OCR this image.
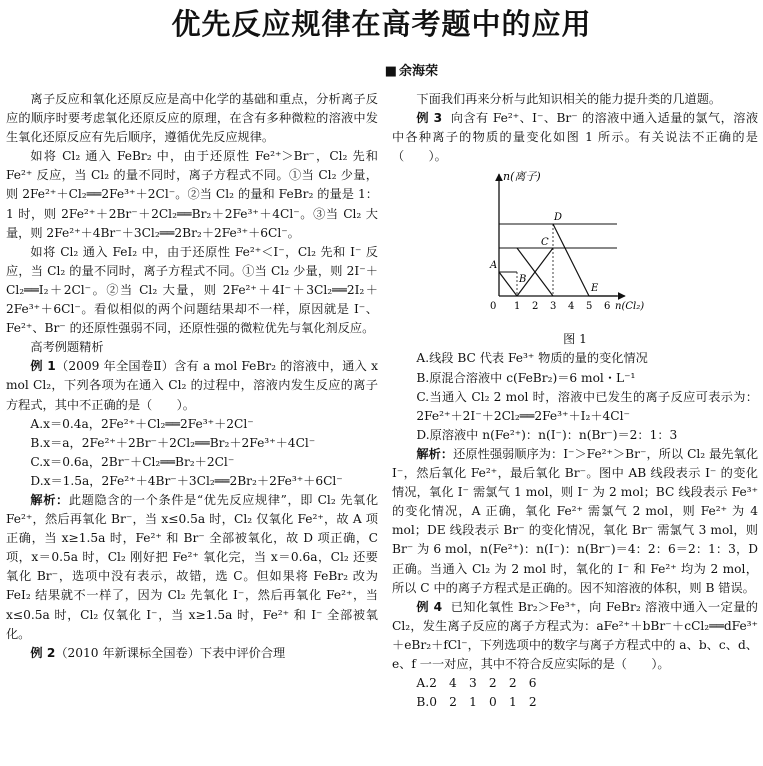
优先反应规律在高考题中的应用
■ 余海荣

离子反应和氧化还原反应是高中化学的基础和重点，分析离子反应的顺序时要考虑氧化还原反应的原理，在含有多种微粒的溶液中发生氧化还原反应有先后顺序，遵循优先反应规律。

如将 Cl₂ 通入 FeBr₂ 中，由于还原性 Fe²⁺＞Br⁻，Cl₂ 先和 Fe²⁺ 反应，当 Cl₂ 的量不同时，离子方程式不同。①当 Cl₂ 少量，则 2Fe²⁺＋Cl₂══2Fe³⁺＋2Cl⁻。②当 Cl₂ 的量和 FeBr₂ 的量是 1：1 时，则 2Fe²⁺＋2Br⁻＋2Cl₂══Br₂＋2Fe³⁺＋4Cl⁻。③当 Cl₂ 大量，则 2Fe²⁺＋4Br⁻＋3Cl₂══2Br₂＋2Fe³⁺＋6Cl⁻。

如将 Cl₂ 通入 FeI₂ 中，由于还原性 Fe²⁺＜I⁻，Cl₂ 先和 I⁻ 反应，当 Cl₂ 的量不同时，离子方程式不同。①当 Cl₂ 少量，则 2I⁻＋Cl₂══I₂＋2Cl⁻。②当 Cl₂ 大量，则 2Fe²⁺＋4I⁻＋3Cl₂══2I₂＋2Fe³⁺＋6Cl⁻。看似相似的两个问题结果却不一样，原因就是 I⁻、Fe²⁺、Br⁻ 的还原性强弱不同，还原性强的微粒优先与氧化剂反应。

高考例题精析

例 1（2009 年全国卷Ⅱ）含有 a mol FeBr₂ 的溶液中，通入 x mol Cl₂，下列各项为在通入 Cl₂ 的过程中，溶液内发生反应的离子方程式，其中不正确的是（　　）。

A.x＝0.4a，2Fe²⁺＋Cl₂══2Fe³⁺＋2Cl⁻

B.x＝a，2Fe²⁺＋2Br⁻＋2Cl₂══Br₂＋2Fe³⁺＋4Cl⁻

C.x＝0.6a，2Br⁻＋Cl₂══Br₂＋2Cl⁻

D.x＝1.5a，2Fe²⁺＋4Br⁻＋3Cl₂══2Br₂＋2Fe³⁺＋6Cl⁻

解析：此题隐含的一个条件是“优先反应规律”，即 Cl₂ 先氧化 Fe²⁺，然后再氧化 Br⁻，当 x≤0.5a 时，Cl₂ 仅氧化 Fe²⁺，故 A 项正确，当 x≥1.5a 时，Fe²⁺ 和 Br⁻ 全部被氧化，故 D 项正确，C 项，x＝0.5a 时，Cl₂ 刚好把 Fe²⁺ 氧化完，当 x＝0.6a，Cl₂ 还要氧化 Br⁻，选项中没有表示，故错，选 C。但如果将 FeBr₂ 改为 FeI₂ 结果就不一样了，因为 Cl₂ 先氧化 I⁻，然后再氧化 Fe²⁺，当 x≤0.5a 时，Cl₂ 仅氧化 I⁻，当 x≥1.5a 时，Fe²⁺ 和 I⁻ 全部被氧化。

例 2（2010 年新课标全国卷）下表中评价合理

下面我们再来分析与此知识相关的能力提升类的几道题。

例 3 向含有 Fe²⁺、I⁻、Br⁻ 的溶液中通入适量的氯气，溶液中各种离子的物质的量变化如图 1 所示。有关说法不正确的是（　　）。

n(离子)
A
B
C
D
E
0 1 2 3 4 5 6 n(Cl₂)

图 1

A.线段 BC 代表 Fe³⁺ 物质的量的变化情况

B.原混合溶液中 c(FeBr₂)＝6 mol・L⁻¹

C.当通入 Cl₂ 2 mol 时，溶液中已发生的离子反应可表示为：2Fe²⁺＋2I⁻＋2Cl₂══2Fe³⁺＋I₂＋4Cl⁻

D.原溶液中 n(Fe²⁺)：n(I⁻)：n(Br⁻)＝2：1：3

解析：还原性强弱顺序为：I⁻＞Fe²⁺＞Br⁻，所以 Cl₂ 最先氧化 I⁻，然后氧化 Fe²⁺，最后氧化 Br⁻。图中 AB 线段表示 I⁻ 的变化情况，氧化 I⁻ 需氯气 1 mol，则 I⁻ 为 2 mol；BC 线段表示 Fe³⁺ 的变化情况，A 正确，氧化 Fe²⁺ 需氯气 2 mol，则 Fe²⁺ 为 4 mol；DE 线段表示 Br⁻ 的变化情况，氧化 Br⁻ 需氯气 3 mol，则 Br⁻ 为 6 mol，n(Fe²⁺)：n(I⁻)：n(Br⁻)＝4：2：6＝2：1：3，D 正确。当通入 Cl₂ 为 2 mol 时，氧化的 I⁻ 和 Fe²⁺ 均为 2 mol，所以 C 中的离子方程式是正确的。因不知溶液的体积，则 B 错误。

例 4 已知化氧性 Br₂＞Fe³⁺，向 FeBr₂ 溶液中通入一定量的 Cl₂，发生离子反应的离子方程式为：aFe²⁺＋bBr⁻＋cCl₂══dFe³⁺＋eBr₂＋fCl⁻，下列选项中的数字与离子方程式中的 a、b、c、d、e、f 一一对应，其中不符合反应实际的是（　　）。

A.2　4　3　2　2　6

B.0　2　1　0　1　2
